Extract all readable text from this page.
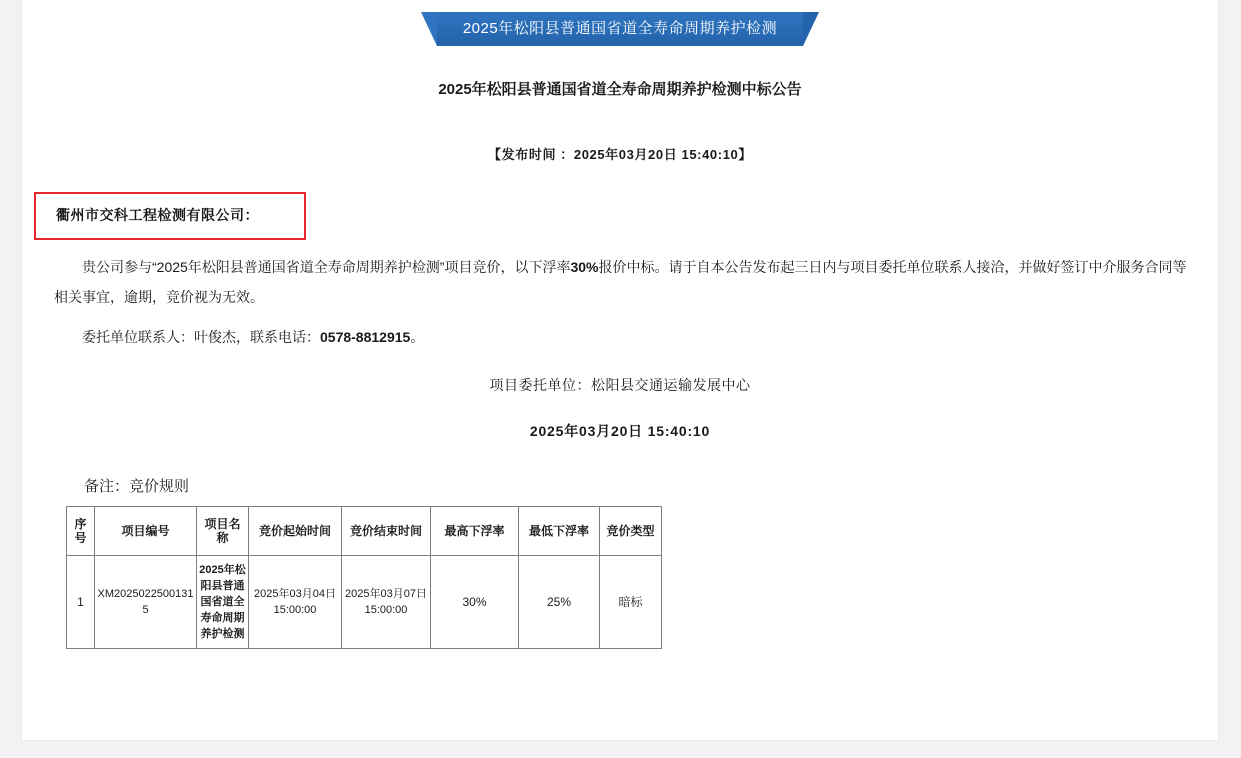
2025年松阳县普通国省道全寿命周期养护检测
2025年松阳县普通国省道全寿命周期养护检测中标公告
【发布时间 ：2025年03月20日 15:40:10】
衢州市交科工程检测有限公司：
贵公司参与“2025年松阳县普通国省道全寿命周期养护检测”项目竞价，以下浮率30%报价中标。请于自本公告发布起三日内与项目委托单位联系人接洽，并做好签订中介服务合同等相关事宜，逾期，竞价视为无效。
委托单位联系人：叶俊杰，联系电话：0578-8812915。
项目委托单位：松阳县交通运输发展中心
2025年03月20日 15:40:10
备注：竞价规则
序号	项目编号	项目名称	竞价起始时间	竞价结束时间	最高下浮率	最低下浮率	竞价类型

1	XM20250225001315	2025年松阳县普通国省道全寿命周期养护检测	2025年03月04日 15:00:00	2025年03月07日 15:00:00	30%	25%	暗标
